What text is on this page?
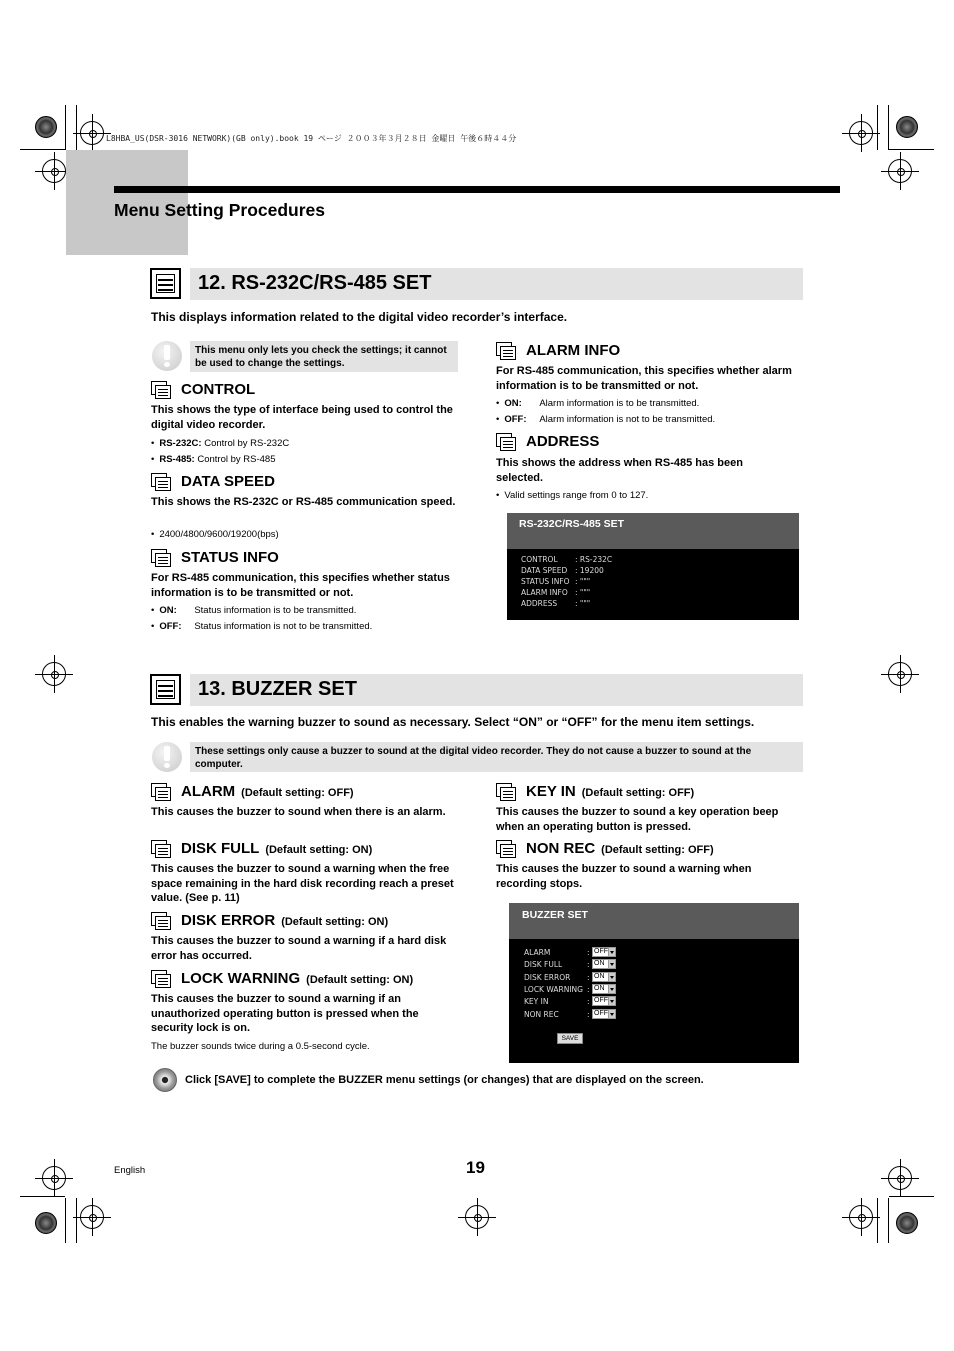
L8HBA_US(DSR-3016 NETWORK)(GB only).book 19 ページ ２００３年３月２８日 金曜日 午後６時４４分
Menu Setting Procedures
12. RS-232C/RS-485 SET
This displays information related to the digital video recorder’s interface.
This menu only lets you check the settings; it cannot be used to change the settings.
CONTROL
This shows the type of interface being used to control the digital video recorder.
• RS-232C: Control by RS-232C
• RS-485: Control by RS-485
DATA SPEED
This shows the RS-232C or RS-485 communication speed.
• 2400/4800/9600/19200(bps)
STATUS INFO
For RS-485 communication, this specifies whether status information is to be transmitted or not.
• ON: Status information is to be transmitted.
• OFF: Status information is not to be transmitted.
ALARM INFO
For RS-485 communication, this specifies whether alarm information is to be transmitted or not.
• ON: Alarm information is to be transmitted.
• OFF: Alarm information is not to be transmitted.
ADDRESS
This shows the address when RS-485 has been selected.
• Valid settings range from 0 to 127.
RS-232C/RS-485 SET
CONTROL : RS-232C
DATA SPEED : 19200
STATUS INFO : """
ALARM INFO : """
ADDRESS : """
13. BUZZER SET
This enables the warning buzzer to sound as necessary. Select “ON” or “OFF” for the menu item settings.
These settings only cause a buzzer to sound at the digital video recorder. They do not cause a buzzer to sound at the computer.
ALARM (Default setting: OFF)
This causes the buzzer to sound when there is an alarm.
DISK FULL (Default setting: ON)
This causes the buzzer to sound a warning when the free space remaining in the hard disk recording reach a preset value. (See p. 11)
DISK ERROR (Default setting: ON)
This causes the buzzer to sound a warning if a hard disk error has occurred.
LOCK WARNING (Default setting: ON)
This causes the buzzer to sound a warning if an unauthorized operating button is pressed when the security lock is on.
The buzzer sounds twice during a 0.5-second cycle.
KEY IN (Default setting: OFF)
This causes the buzzer to sound a key operation beep when an operating button is pressed.
NON REC (Default setting: OFF)
This causes the buzzer to sound a warning when recording stops.
BUZZER SET
ALARM
DISK FULL
DISK ERROR
LOCK WARNING
KEY IN
NON REC
:
:
:
:
:
:
OFF
ON
ON
ON
OFF
OFF
SAVE
Click [SAVE] to complete the BUZZER menu settings (or changes) that are displayed on the screen.
English	19
